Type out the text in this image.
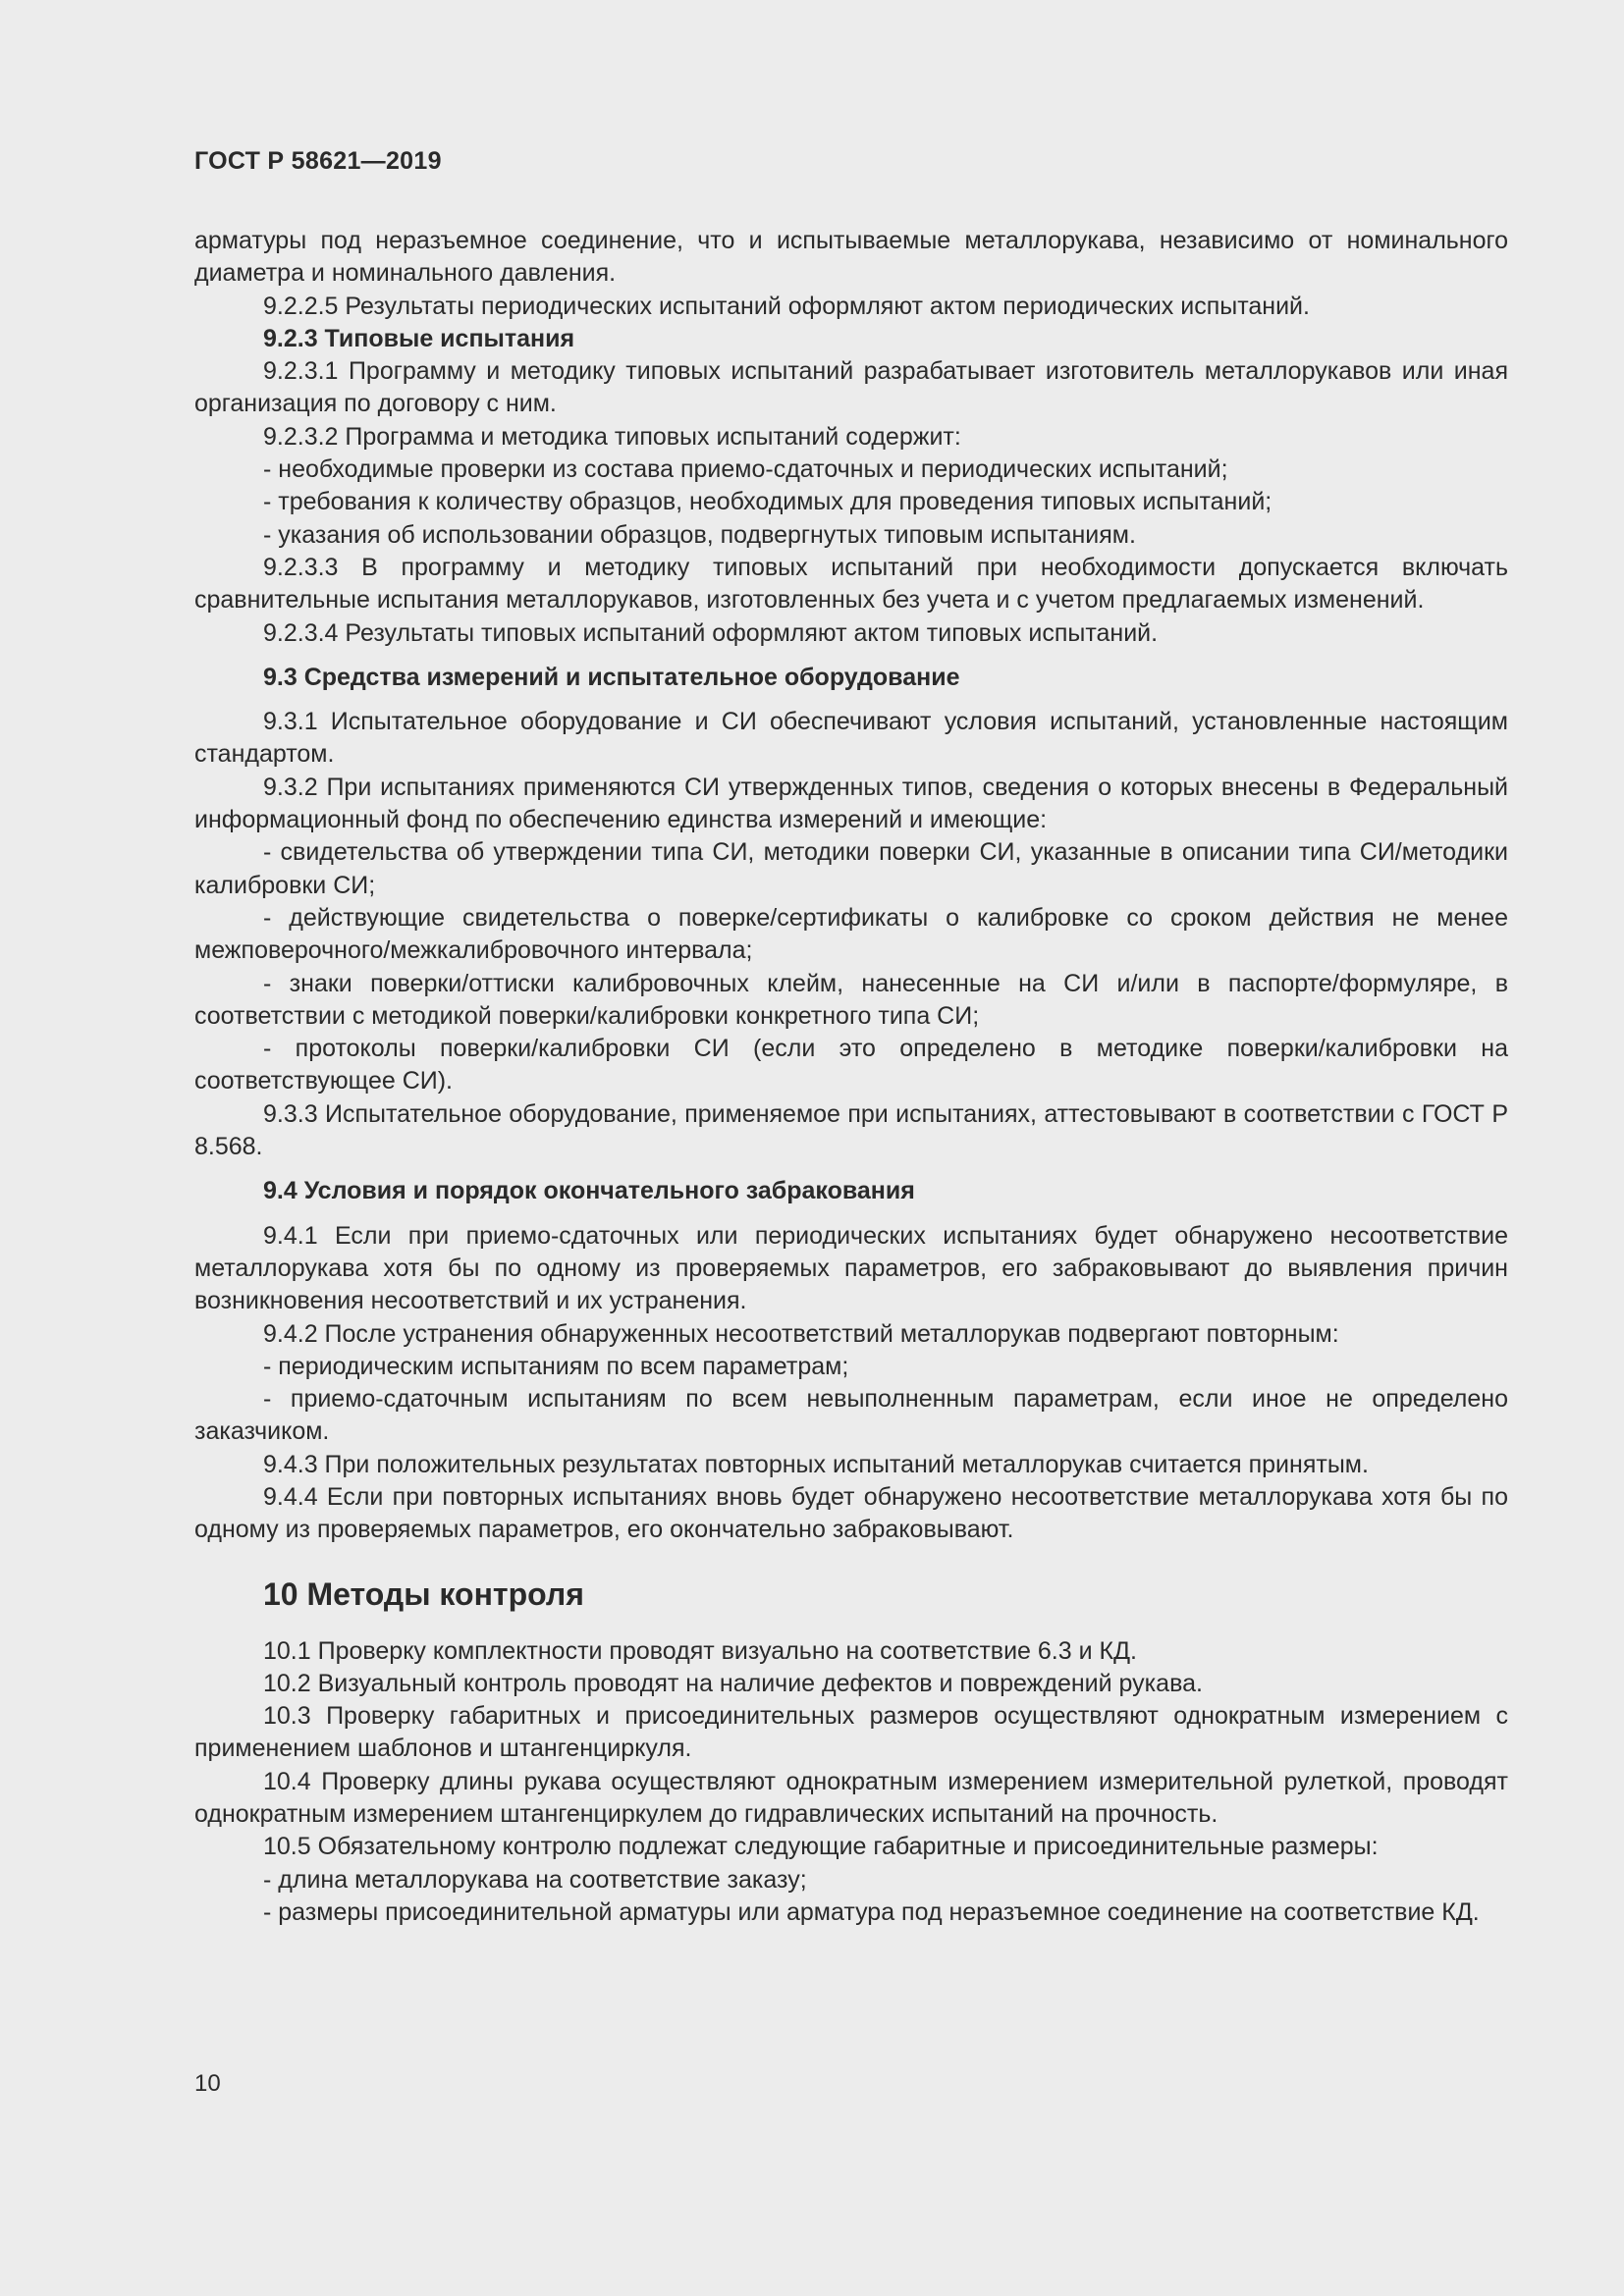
ГОСТ Р 58621—2019

арматуры под неразъемное соединение, что и испытываемые металлорукава, независимо от номинального диаметра и номинального давления.

9.2.2.5 Результаты периодических испытаний оформляют актом периодических испытаний.

9.2.3 Типовые испытания

9.2.3.1 Программу и методику типовых испытаний разрабатывает изготовитель металлорукавов или иная организация по договору с ним.

9.2.3.2 Программа и методика типовых испытаний содержит:

- необходимые проверки из состава приемо-сдаточных и периодических испытаний;

- требования к количеству образцов, необходимых для проведения типовых испытаний;

- указания об использовании образцов, подвергнутых типовым испытаниям.

9.2.3.3 В программу и методику типовых испытаний при необходимости допускается включать сравнительные испытания металлорукавов, изготовленных без учета и с учетом предлагаемых изменений.

9.2.3.4 Результаты типовых испытаний оформляют актом типовых испытаний.

9.3 Средства измерений и испытательное оборудование

9.3.1 Испытательное оборудование и СИ обеспечивают условия испытаний, установленные настоящим стандартом.

9.3.2 При испытаниях применяются СИ утвержденных типов, сведения о которых внесены в Федеральный информационный фонд по обеспечению единства измерений и имеющие:

- свидетельства об утверждении типа СИ, методики поверки СИ, указанные в описании типа СИ/методики калибровки СИ;

- действующие свидетельства о поверке/сертификаты о калибровке со сроком действия не менее межповерочного/межкалибровочного интервала;

- знаки поверки/оттиски калибровочных клейм, нанесенные на СИ и/или в паспорте/формуляре, в соответствии с методикой поверки/калибровки конкретного типа СИ;

- протоколы поверки/калибровки СИ (если это определено в методике поверки/калибровки на соответствующее СИ).

9.3.3 Испытательное оборудование, применяемое при испытаниях, аттестовывают в соответствии с ГОСТ Р 8.568.

9.4 Условия и порядок окончательного забракования

9.4.1 Если при приемо-сдаточных или периодических испытаниях будет обнаружено несоответствие металлорукава хотя бы по одному из проверяемых параметров, его забраковывают до выявления причин возникновения несоответствий и их устранения.

9.4.2 После устранения обнаруженных несоответствий металлорукав подвергают повторным:

- периодическим испытаниям по всем параметрам;

- приемо-сдаточным испытаниям по всем невыполненным параметрам, если иное не определено заказчиком.

9.4.3 При положительных результатах повторных испытаний металлорукав считается принятым.

9.4.4 Если при повторных испытаниях вновь будет обнаружено несоответствие металлорукава хотя бы по одному из проверяемых параметров, его окончательно забраковывают.

10 Методы контроля

10.1 Проверку комплектности проводят визуально на соответствие 6.3 и КД.

10.2 Визуальный контроль проводят на наличие дефектов и повреждений рукава.

10.3 Проверку габаритных и присоединительных размеров осуществляют однократным измерением с применением шаблонов и штангенциркуля.

10.4 Проверку длины рукава осуществляют однократным измерением измерительной рулеткой, проводят однократным измерением штангенциркулем до гидравлических испытаний на прочность.

10.5 Обязательному контролю подлежат следующие габаритные и присоединительные размеры:

- длина металлорукава на соответствие заказу;

- размеры присоединительной арматуры или арматура под неразъемное соединение на соответствие КД.

10
